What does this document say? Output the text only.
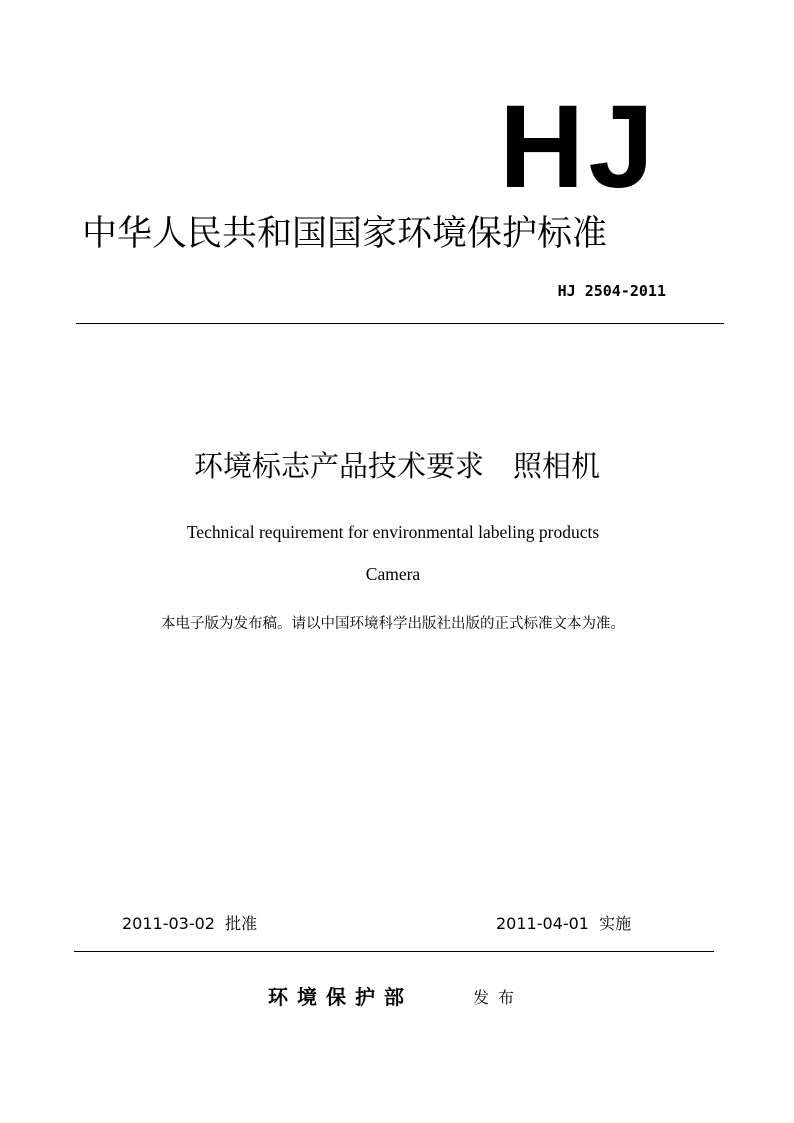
HJ
中华人民共和国国家环境保护标准
HJ 2504-2011
环境标志产品技术要求　照相机
Technical requirement for environmental labeling products
Camera
本电子版为发布稿。请以中国环境科学出版社出版的正式标准文本为准。
2011-03-02  批准	2011-04-01  实施
环境保护部	发布
